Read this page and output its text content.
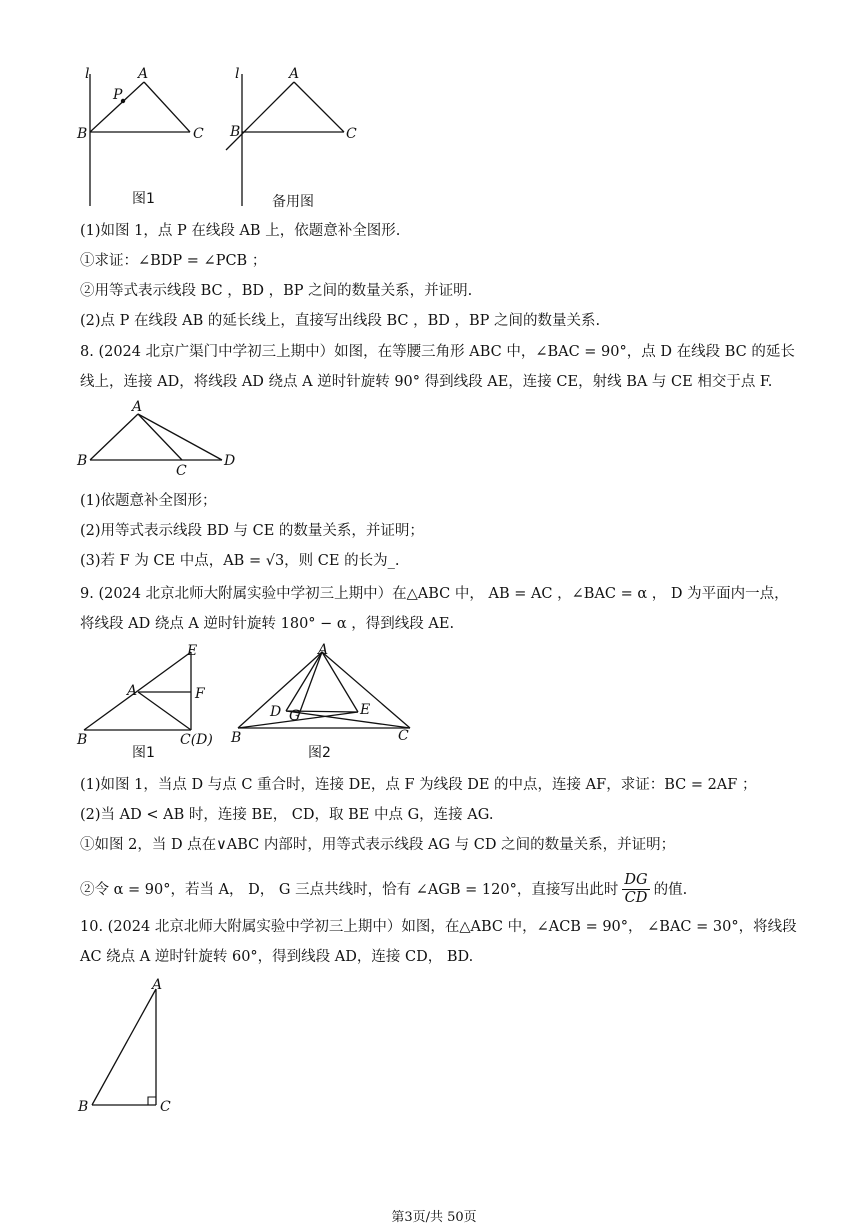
l	A
P
B	C
图1
l	A
B	C
备用图
(1)如图 1，点 P 在线段 AB 上，依题意补全图形.
①求证：∠BDP = ∠PCB ；
②用等式表示线段 BC ，BD ，BP 之间的数量关系，并证明.
(2)点 P 在线段 AB 的延长线上，直接写出线段 BC ，BD ，BP 之间的数量关系.
8. (2024 北京广渠门中学初三上期中）如图，在等腰三角形 ABC 中，∠BAC = 90°，点 D 在线段 BC 的延长
线上，连接 AD，将线段 AD 绕点 A 逆时针旋转 90° 得到线段 AE，连接 CE，射线 BA 与 CE 相交于点 F.
A
B
C
D
(1)依题意补全图形；
(2)用等式表示线段 BD 与 CE 的数量关系，并证明；
(3)若 F 为 CE 中点，AB = √3，则 CE 的长为_.
9. (2024 北京北师大附属实验中学初三上期中）在△ABC 中， AB = AC ，∠BAC = α ， D 为平面内一点，
将线段 AD 绕点 A 逆时针旋转 180° − α ，得到线段 AE.
E
A	F
B	C(D)
图1
A
D G	E
B	C
图2
(1)如图 1，当点 D 与点 C 重合时，连接 DE，点 F 为线段 DE 的中点，连接 AF，求证：BC = 2AF ；
(2)当 AD < AB 时，连接 BE， CD，取 BE 中点 G，连接 AG.
①如图 2，当 D 点在∨ABC 内部时，用等式表示线段 AG 与 CD 之间的数量关系，并证明；
②令 α = 90°，若当 A， D， G 三点共线时，恰有 ∠AGB = 120°，直接写出此时 $\frac{DG}{CD}$ 的值.
10. (2024 北京北师大附属实验中学初三上期中）如图，在△ABC 中，∠ACB = 90°， ∠BAC = 30°，将线段
AC 绕点 A 逆时针旋转 60°，得到线段 AD，连接 CD， BD.
A
B	C
第3页/共 50页
